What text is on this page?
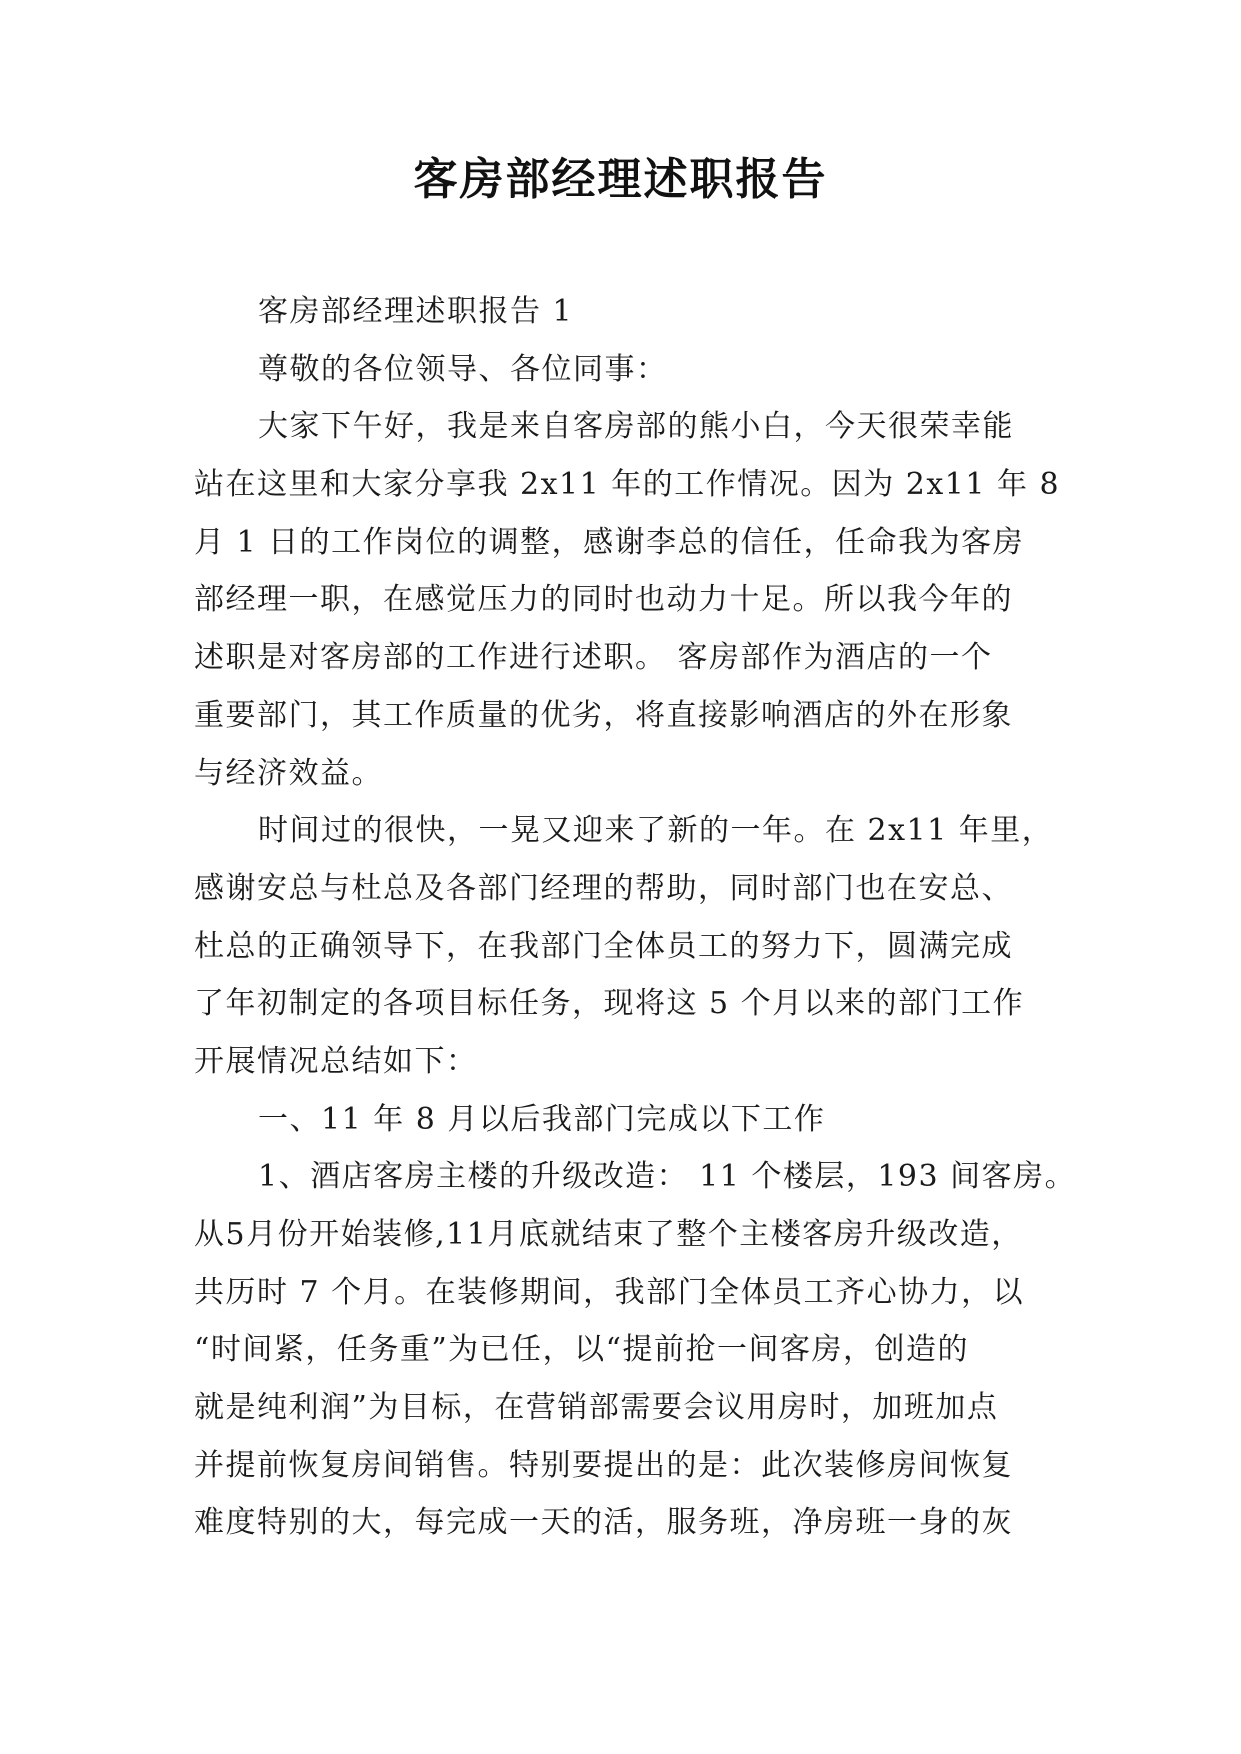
客房部经理述职报告
客房部经理述职报告 1
尊敬的各位领导、各位同事：
大家下午好，我是来自客房部的熊小白，今天很荣幸能
站在这里和大家分享我 2x11 年的工作情况。因为 2x11 年 8
月 1 日的工作岗位的调整，感谢李总的信任，任命我为客房
部经理一职，在感觉压力的同时也动力十足。所以我今年的
述职是对客房部的工作进行述职。 客房部作为酒店的一个
重要部门，其工作质量的优劣，将直接影响酒店的外在形象
与经济效益。
时间过的很快，一晃又迎来了新的一年。在 2x11 年里，
感谢安总与杜总及各部门经理的帮助，同时部门也在安总、
杜总的正确领导下，在我部门全体员工的努力下，圆满完成
了年初制定的各项目标任务，现将这 5 个月以来的部门工作
开展情况总结如下：
一、11 年 8 月以后我部门完成以下工作
1、酒店客房主楼的升级改造： 11 个楼层，193 间客房。
从5月份开始装修,11月底就结束了整个主楼客房升级改造，
共历时 7 个月。在装修期间，我部门全体员工齐心协力，以
“时间紧，任务重”为已任，以“提前抢一间客房，创造的
就是纯利润”为目标，在营销部需要会议用房时，加班加点
并提前恢复房间销售。特别要提出的是：此次装修房间恢复
难度特别的大，每完成一天的活，服务班，净房班一身的灰
